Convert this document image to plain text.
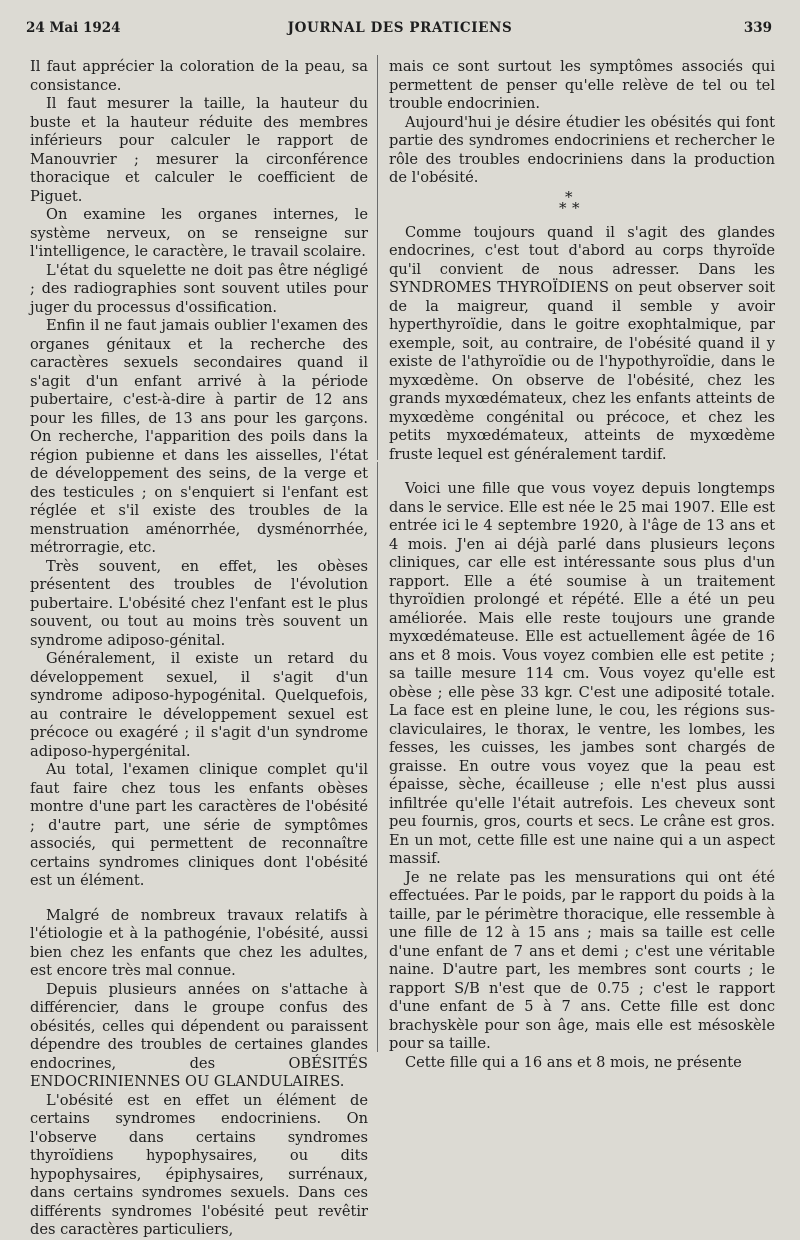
24 Mai 1924	JOURNAL DES PRATICIENS	339

Il faut apprécier la coloration de la peau, sa consistance.

Il faut mesurer la taille, la hauteur du buste et la hauteur réduite des membres inférieurs pour calculer le rapport de Manouvrier ; mesurer la circonférence thoracique et calculer le coefficient de Piguet.

On examine les organes internes, le système nerveux, on se renseigne sur l'intelligence, le caractère, le travail scolaire.

L'état du squelette ne doit pas être négligé ; des radiographies sont souvent utiles pour juger du processus d'ossification.

Enfin il ne faut jamais oublier l'examen des organes génitaux et la recherche des caractères sexuels secondaires quand il s'agit d'un enfant arrivé à la période pubertaire, c'est-à-dire à partir de 12 ans pour les filles, de 13 ans pour les garçons. On recherche, l'apparition des poils dans la région pubienne et dans les aisselles, l'état de développement des seins, de la verge et des testicules ; on s'enquiert si l'enfant est réglée et s'il existe des troubles de la menstruation aménorrhée, dysménorrhée, métrorragie, etc.

Très souvent, en effet, les obèses présentent des troubles de l'évolution pubertaire. L'obésité chez l'enfant est le plus souvent, ou tout au moins très souvent un syndrome adiposo-génital.

Généralement, il existe un retard du développement sexuel, il s'agit d'un syndrome adiposo-hypogénital. Quelquefois, au contraire le développement sexuel est précoce ou exagéré ; il s'agit d'un syndrome adiposo-hypergénital.

Au total, l'examen clinique complet qu'il faut faire chez tous les enfants obèses montre d'une part les caractères de l'obésité ; d'autre part, une série de symptômes associés, qui permettent de reconnaître certains syndromes cliniques dont l'obésité est un élément.

Malgré de nombreux travaux relatifs à l'étiologie et à la pathogénie, l'obésité, aussi bien chez les enfants que chez les adultes, est encore très mal connue.

Depuis plusieurs années on s'attache à différencier, dans le groupe confus des obésités, celles qui dépendent ou paraissent dépendre des troubles de certaines glandes endocrines, des OBÉSITÉS ENDOCRINIENNES OU GLANDULAIRES.

L'obésité est en effet un élément de certains syndromes endocriniens. On l'observe dans certains syndromes thyroïdiens hypophysaires, ou dits hypophysaires, épiphysaires, surrénaux, dans certains syndromes sexuels. Dans ces différents syndromes l'obésité peut revêtir des caractères particuliers,

mais ce sont surtout les symptômes associés qui permettent de penser qu'elle relève de tel ou tel trouble endocrinien.

Aujourd'hui je désire étudier les obésités qui font partie des syndromes endocriniens et rechercher le rôle des troubles endocriniens dans la production de l'obésité.

*
* *

Comme toujours quand il s'agit des glandes endocrines, c'est tout d'abord au corps thyroïde qu'il convient de nous adresser. Dans les SYNDROMES THYROÏDIENS on peut observer soit de la maigreur, quand il semble y avoir hyperthyroïdie, dans le goitre exophtalmique, par exemple, soit, au contraire, de l'obésité quand il y existe de l'athyroïdie ou de l'hypothyroïdie, dans le myxœdème. On observe de l'obésité, chez les grands myxœdémateux, chez les enfants atteints de myxœdème congénital ou précoce, et chez les petits myxœdémateux, atteints de myxœdème fruste lequel est généralement tardif.

Voici une fille que vous voyez depuis longtemps dans le service. Elle est née le 25 mai 1907. Elle est entrée ici le 4 septembre 1920, à l'âge de 13 ans et 4 mois. J'en ai déjà parlé dans plusieurs leçons cliniques, car elle est intéressante sous plus d'un rapport. Elle a été soumise à un traitement thyroïdien prolongé et répété. Elle a été un peu améliorée. Mais elle reste toujours une grande myxœdémateuse. Elle est actuellement âgée de 16 ans et 8 mois. Vous voyez combien elle est petite ; sa taille mesure 114 cm. Vous voyez qu'elle est obèse ; elle pèse 33 kgr. C'est une adiposité totale. La face est en pleine lune, le cou, les régions sus-claviculaires, le thorax, le ventre, les lombes, les fesses, les cuisses, les jambes sont chargés de graisse. En outre vous voyez que la peau est épaisse, sèche, écailleuse ; elle n'est plus aussi infiltrée qu'elle l'était autrefois. Les cheveux sont peu fournis, gros, courts et secs. Le crâne est gros. En un mot, cette fille est une naine qui a un aspect massif.

Je ne relate pas les mensurations qui ont été effectuées. Par le poids, par le rapport du poids à la taille, par le périmètre thoracique, elle ressemble à une fille de 12 à 15 ans ; mais sa taille est celle d'une enfant de 7 ans et demi ; c'est une véritable naine. D'autre part, les membres sont courts ; le rapport S/B n'est que de 0.75 ; c'est le rapport d'une enfant de 5 à 7 ans. Cette fille est donc brachyskèle pour son âge, mais elle est mésoskèle pour sa taille.

Cette fille qui a 16 ans et 8 mois, ne présente
